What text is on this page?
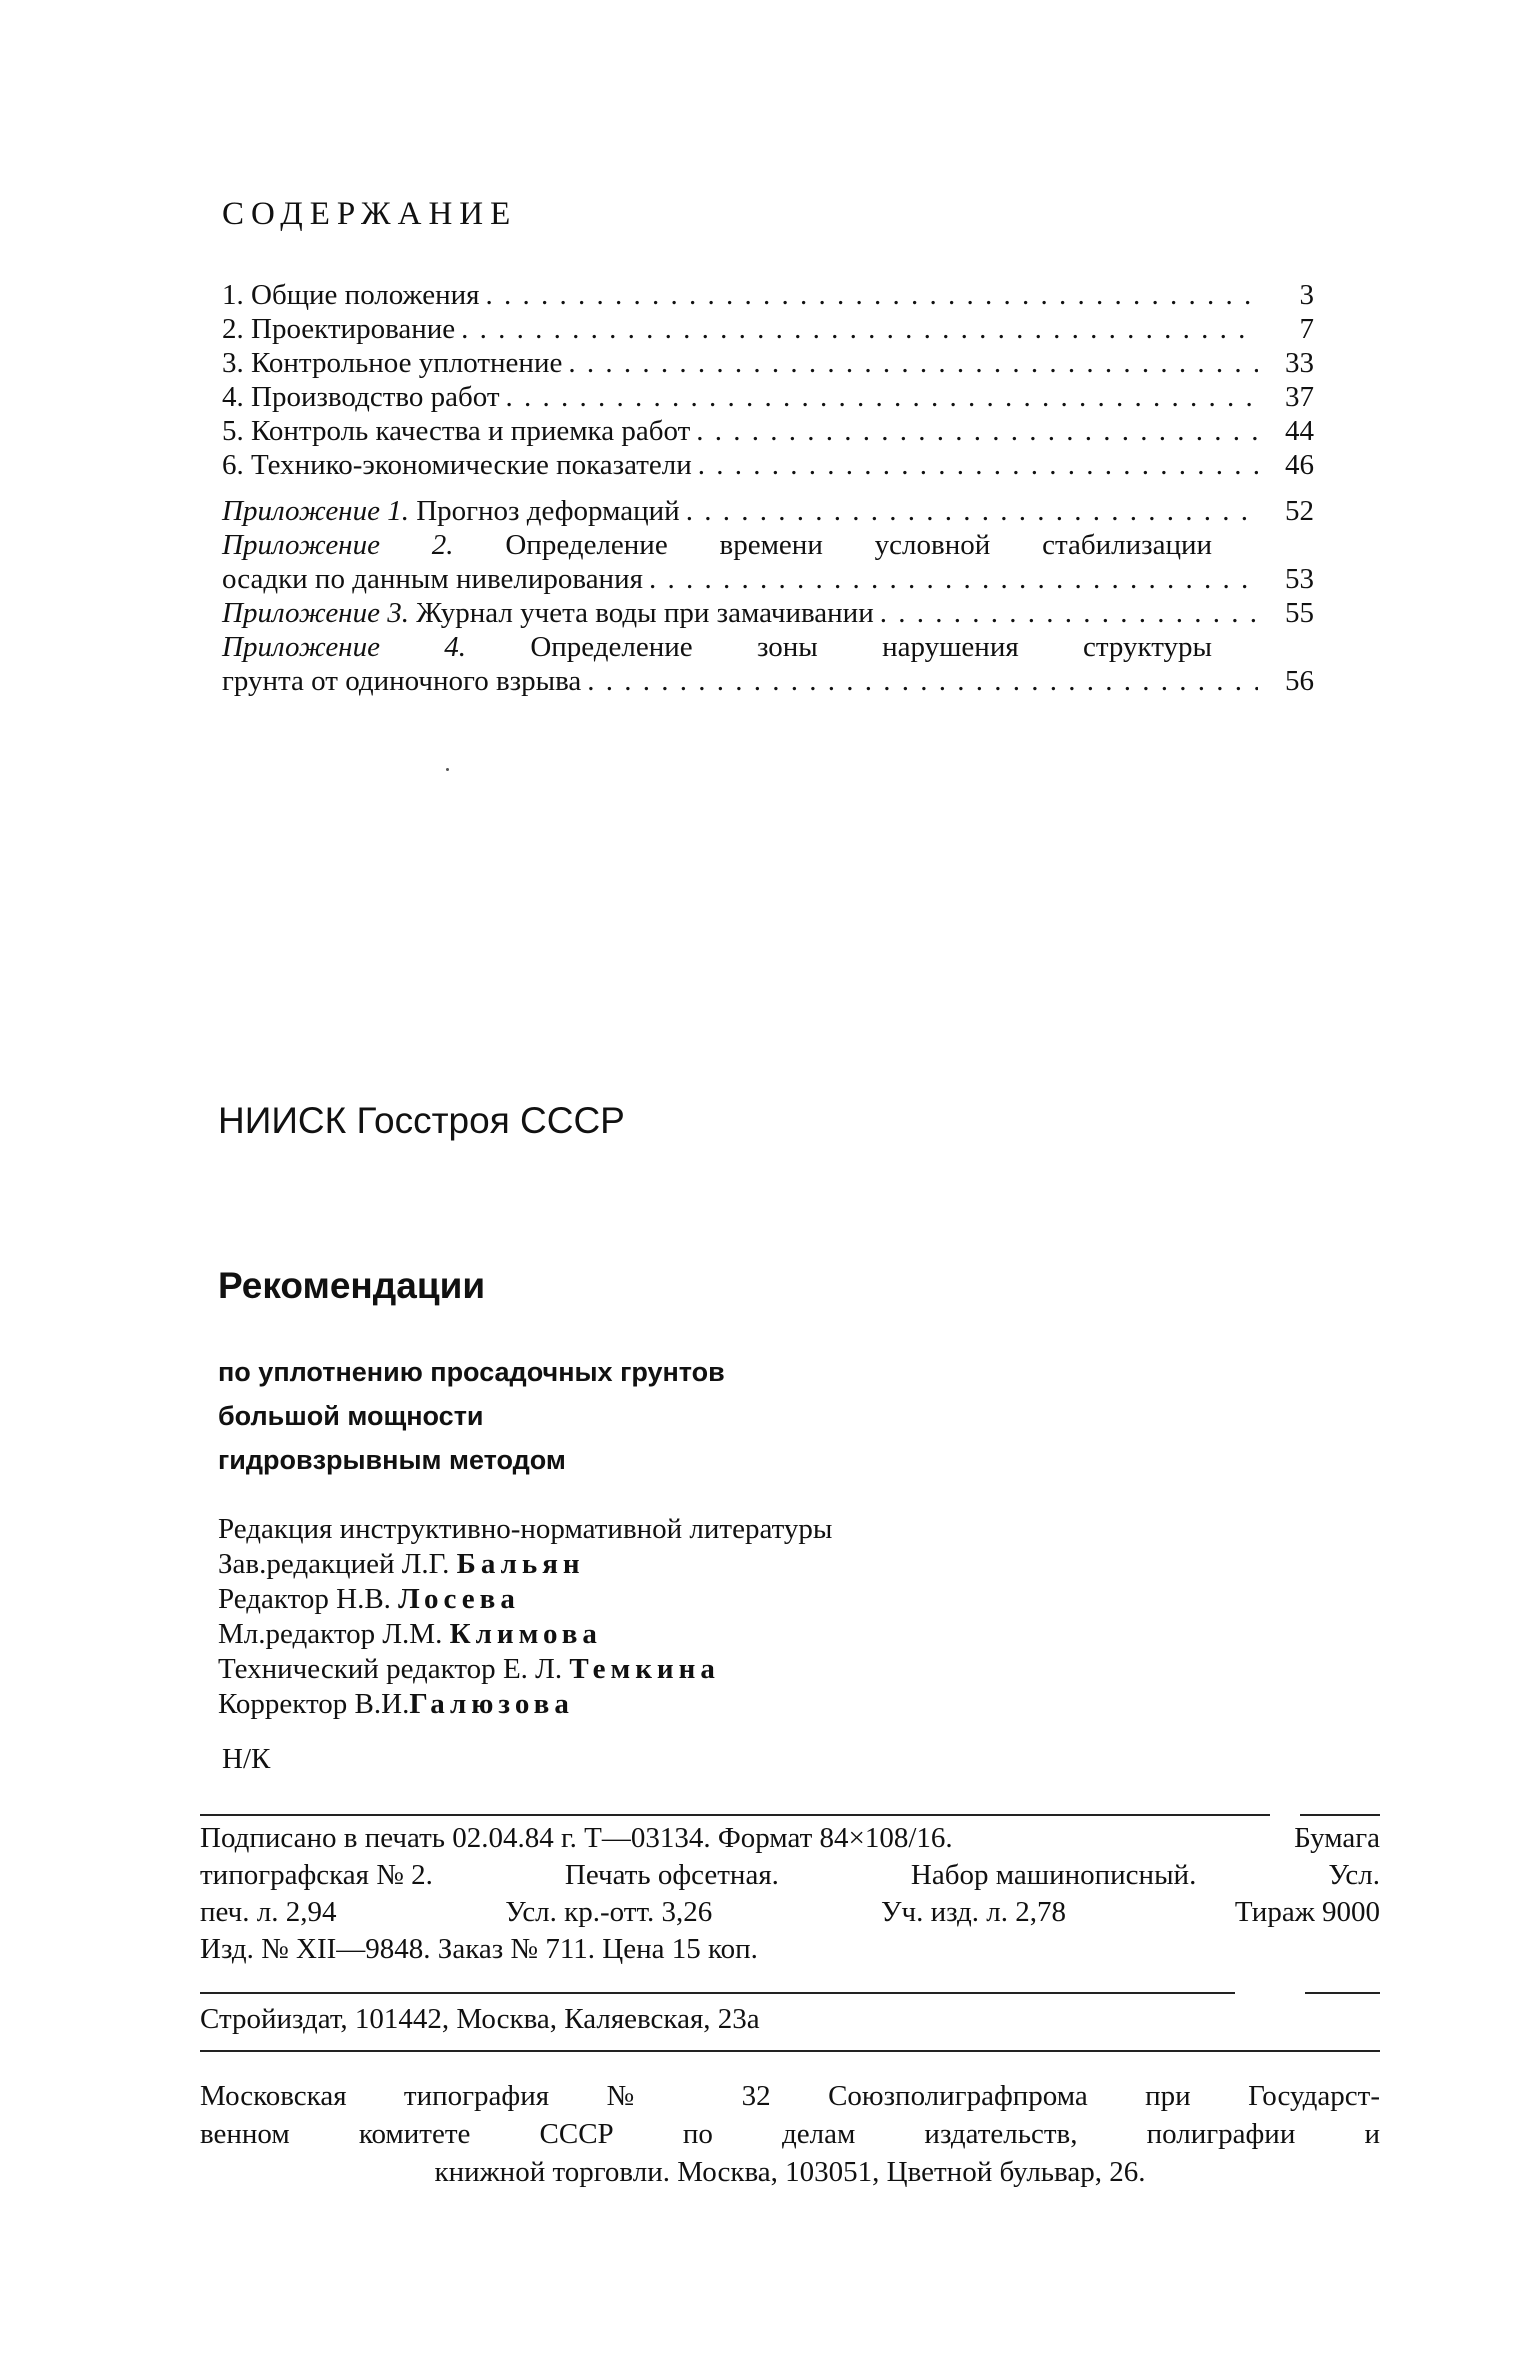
СОДЕРЖАНИЕ
1. Общие положения . . .	3
2. Проектирование . . .	7
3. Контрольное уплотнение . . .	33
4. Производство работ . . .	37
5. Контроль качества и приемка работ . . .	44
6. Технико-экономические показатели . . .	46
Приложение 1. Прогноз деформаций . . .	52
Приложение 2. Определение времени условной стабилизации
осадки по данным нивелирования . . .	53
Приложение 3. Журнал учета воды при замачивании . . .	55
Приложение 4. Определение зоны нарушения структуры
грунта от одиночного взрыва . . .	56
НИИСК Госстроя СССР
Рекомендации
по уплотнению просадочных грунтов
большой мощности
гидровзрывным методом
Редакция инструктивно-нормативной литературы
Зав.редакцией Л.Г. Бальян
Редактор Н.В. Лосева
Мл.редактор Л.М. Климова
Технический редактор Е. Л. Темкина
Корректор В.И.Галюзова
Н/К
Подписано в печать 02.04.84 г. Т—03134. Формат 84×108/16.	Бумага
типографская № 2.	Печать офсетная.	Набор машинописный.	Усл.
печ. л. 2,94	Усл. кр.-отт. 3,26	Уч. изд. л. 2,78	Тираж 9000
Изд. № XII—9848. Заказ № 711. Цена 15 коп.
Стройиздат, 101442, Москва, Каляевская, 23а
Московская типография № 32 Союзполиграфпрома при Государст-
венном комитете СССР по делам издательств, полиграфии и
книжной торговли. Москва, 103051, Цветной бульвар, 26.
